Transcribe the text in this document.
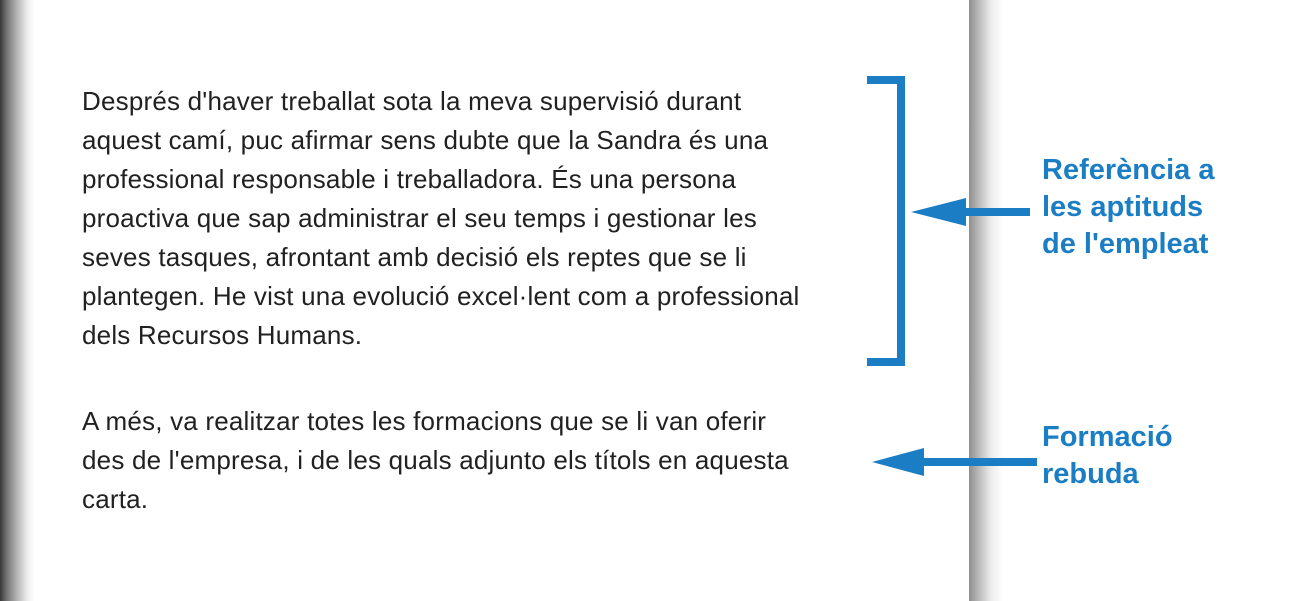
Després d'haver treballat sota la meva supervisió durant
aquest camí, puc afirmar sens dubte que la Sandra és una
professional responsable i treballadora. És una persona
proactiva que sap administrar el seu temps i gestionar les
seves tasques, afrontant amb decisió els reptes que se li
plantegen. He vist una evolució excel·lent com a professional
dels Recursos Humans.
A més, va realitzar totes les formacions que se li van oferir
des de l'empresa, i de les quals adjunto els títols en aquesta
carta.
Referència a
les aptituds
de l'empleat
Formació
rebuda
